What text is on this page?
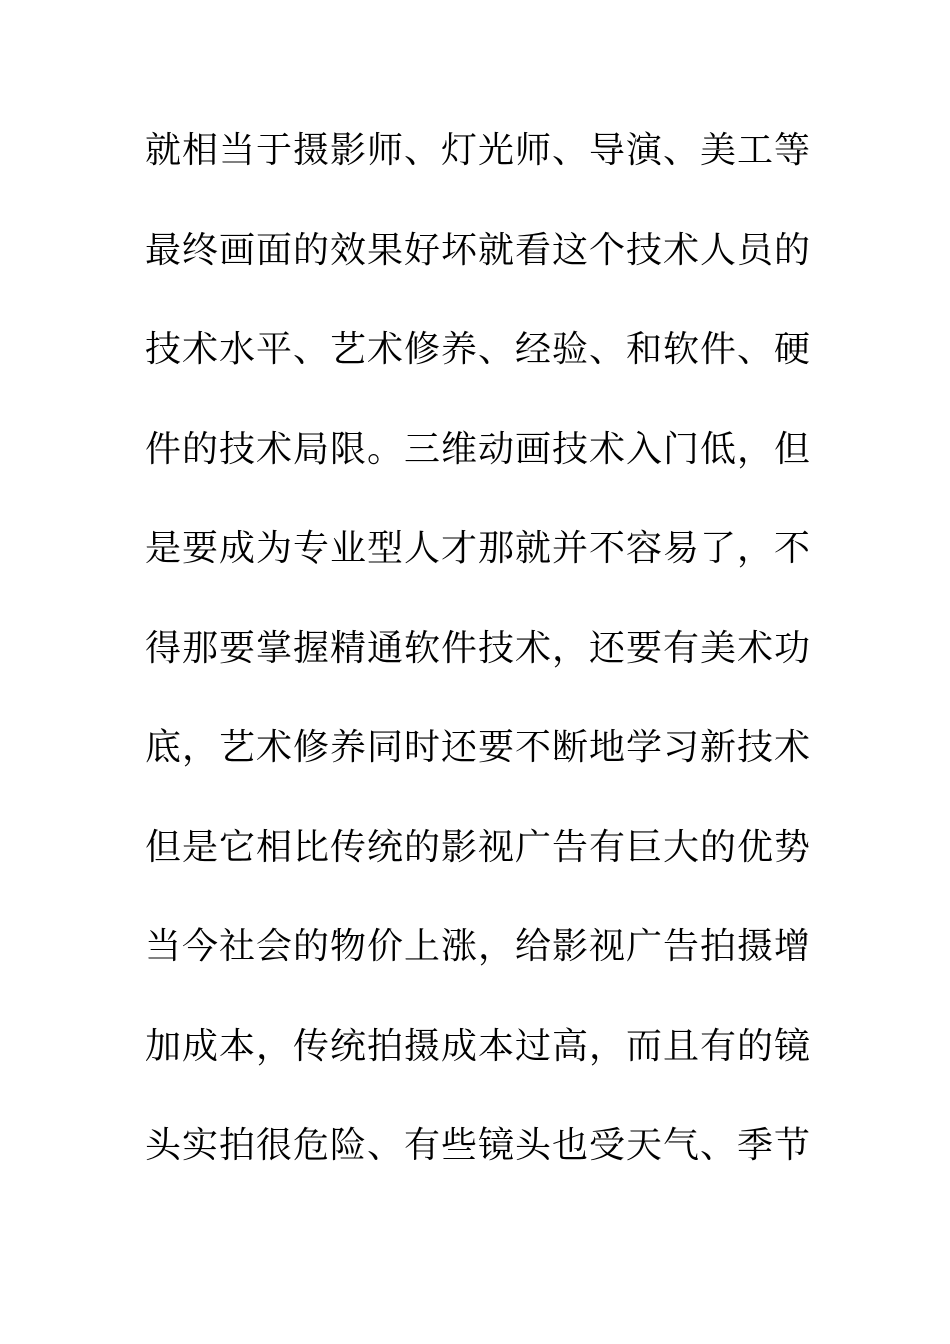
就相当于摄影师、灯光师、导演、美工等
最终画面的效果好坏就看这个技术人员的
技术水平、艺术修养、经验、和软件、硬
件的技术局限。三维动画技术入门低，但
是要成为专业型人才那就并不容易了，不
得那要掌握精通软件技术，还要有美术功
底，艺术修养同时还要不断地学习新技术
但是它相比传统的影视广告有巨大的优势
当今社会的物价上涨，给影视广告拍摄增
加成本，传统拍摄成本过高，而且有的镜
头实拍很危险、有些镜头也受天气、季节
